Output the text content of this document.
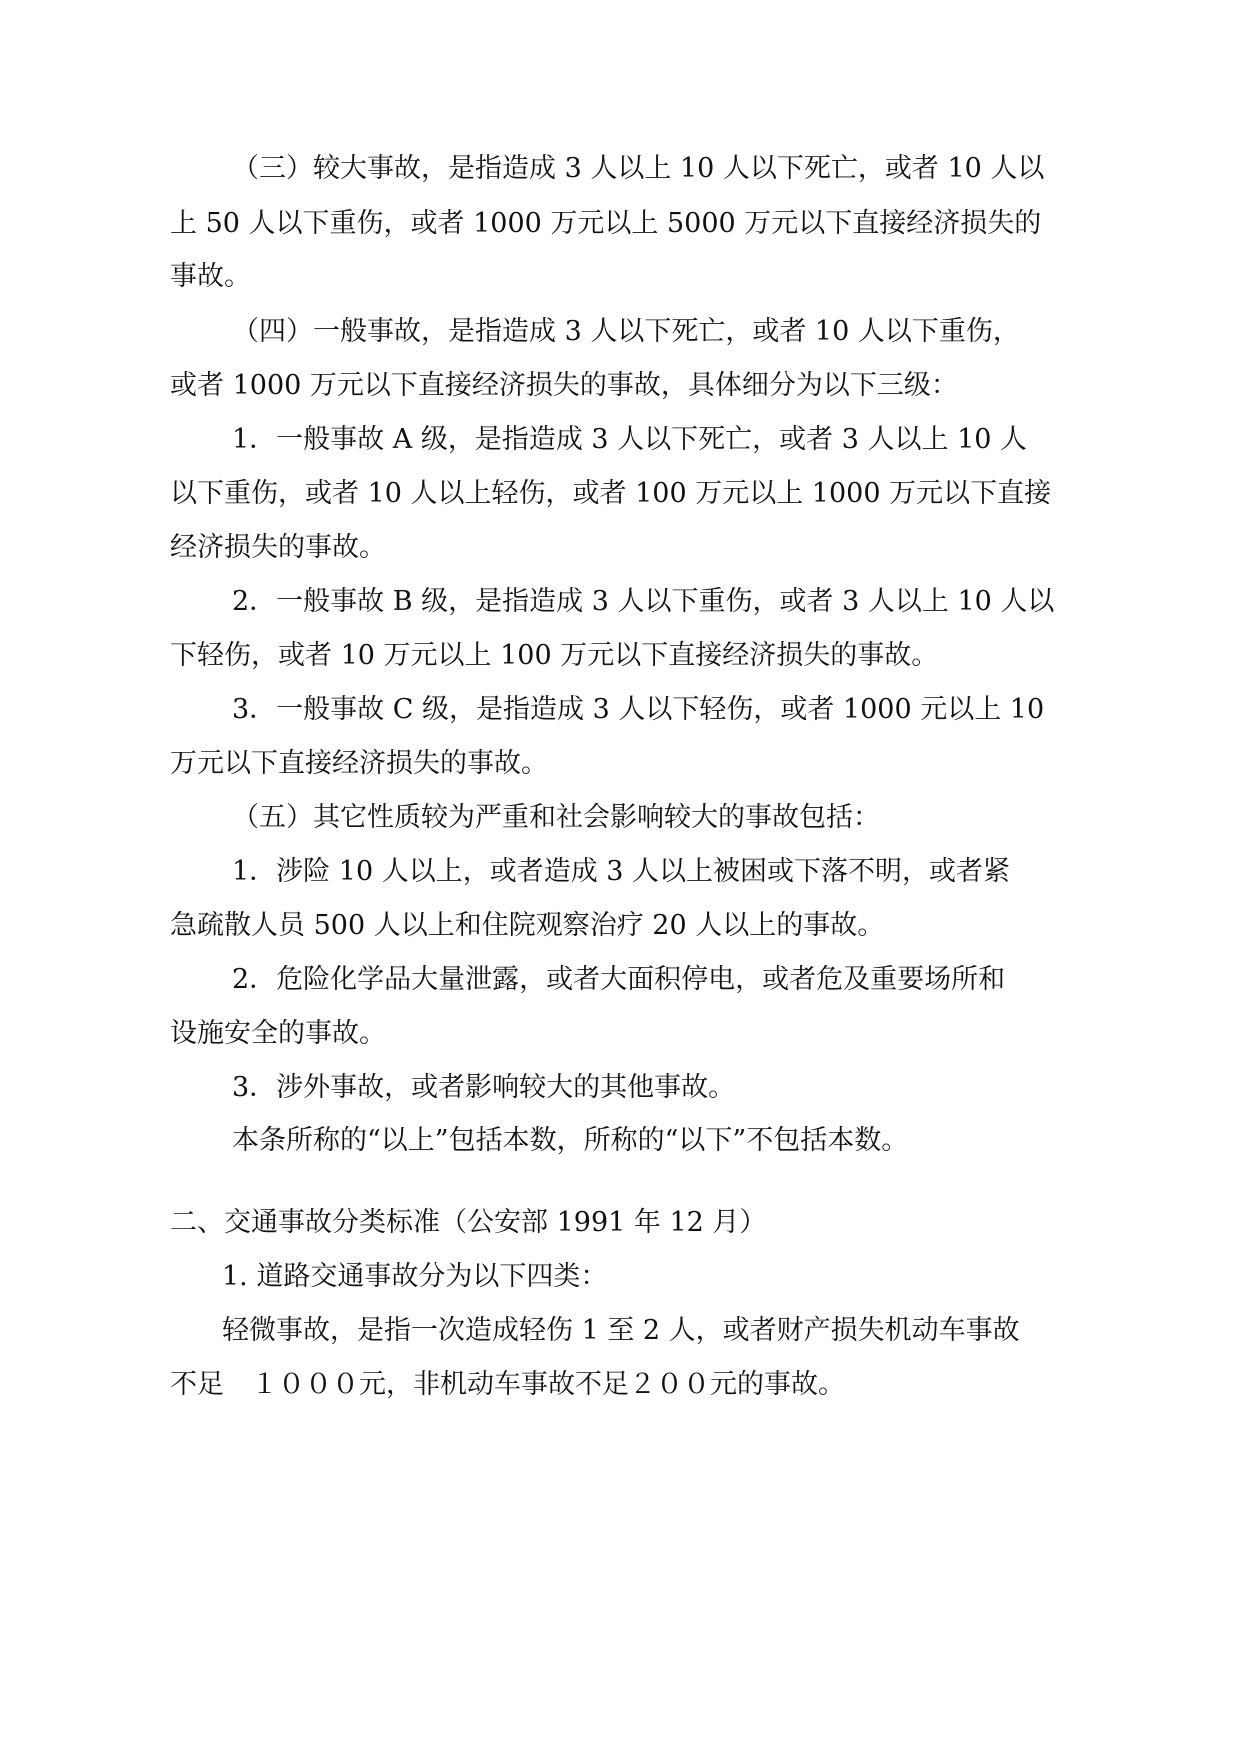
（三）较大事故，是指造成 3 人以上 10 人以下死亡，或者 10 人以
上 50 人以下重伤，或者 1000 万元以上 5000 万元以下直接经济损失的
事故。
（四）一般事故，是指造成 3 人以下死亡，或者 10 人以下重伤，
或者 1000 万元以下直接经济损失的事故，具体细分为以下三级：
1．一般事故 A 级，是指造成 3 人以下死亡，或者 3 人以上 10 人
以下重伤，或者 10 人以上轻伤，或者 100 万元以上 1000 万元以下直接
经济损失的事故。
2．一般事故 B 级，是指造成 3 人以下重伤，或者 3 人以上 10 人以
下轻伤，或者 10 万元以上 100 万元以下直接经济损失的事故。
3．一般事故 C 级，是指造成 3 人以下轻伤，或者 1000 元以上 10
万元以下直接经济损失的事故。
（五）其它性质较为严重和社会影响较大的事故包括：
1．涉险 10 人以上，或者造成 3 人以上被困或下落不明，或者紧
急疏散人员 500 人以上和住院观察治疗 20 人以上的事故。
2．危险化学品大量泄露，或者大面积停电，或者危及重要场所和
设施安全的事故。
3．涉外事故，或者影响较大的其他事故。
本条所称的“以上”包括本数，所称的“以下”不包括本数。
二、交通事故分类标准（公安部 1991 年 12 月）
1. 道路交通事故分为以下四类：
轻微事故，是指一次造成轻伤 1 至 2 人，或者财产损失机动车事故
不足　１０００元，非机动车事故不足２００元的事故。
